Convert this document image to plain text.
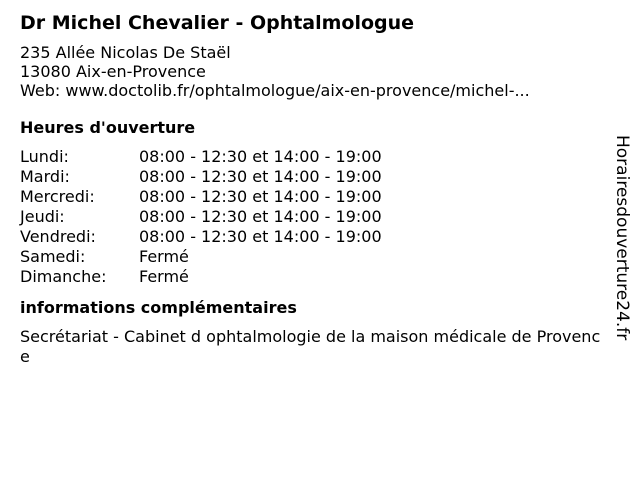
Dr Michel Chevalier - Ophtalmologue
235 Allée Nicolas De Staël
13080 Aix-en-Provence
Web: www.doctolib.fr/ophtalmologue/aix-en-provence/michel-...
Heures d'ouverture
Lundi:	08:00 - 12:30 et 14:00 - 19:00
Mardi:	08:00 - 12:30 et 14:00 - 19:00
Mercredi:	08:00 - 12:30 et 14:00 - 19:00
Jeudi:	08:00 - 12:30 et 14:00 - 19:00
Vendredi:	08:00 - 12:30 et 14:00 - 19:00
Samedi:	Fermé
Dimanche:	Fermé
informations complémentaires
Secrétariat - Cabinet d ophtalmologie de la maison médicale de Provence
Horairesdouverture24.fr
